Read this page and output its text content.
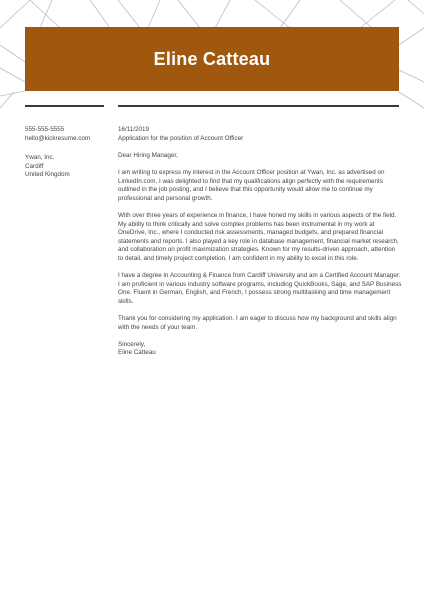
Eline Catteau
555-555-5555
hello@kickresume.com
Ywan, Inc.
Cardiff
United Kingdom

16/11/2019

Application for the position of Account Officer

Dear Hiring Manager,

I am writing to express my interest in the Account Officer position at Ywan, Inc. as advertised on LinkedIn.com. I was delighted to find that my qualifications align perfectly with the requirements outlined in the job posting, and I believe that this opportunity would allow me to continue my professional and personal growth.

With over three years of experience in finance, I have honed my skills in various aspects of the field. My ability to think critically and solve complex problems has been instrumental in my work at OneDrive, Inc., where I conducted risk assessments, managed budgets, and prepared financial statements and reports. I also played a key role in database management, financial market research, and collaboration on profit maximization strategies. Known for my results-driven approach, attention to detail, and timely project completion, I am confident in my ability to excel in this role.

I have a degree in Accounting & Finance from Cardiff University and am a Certified Account Manager. I am proficient in various industry software programs, including QuickBooks, Sage, and SAP Business One. Fluent in German, English, and French, I possess strong multitasking and time management skills.

Thank you for considering my application. I am eager to discuss how my background and skills align with the needs of your team.

Sincerely,

Eline Catteau
